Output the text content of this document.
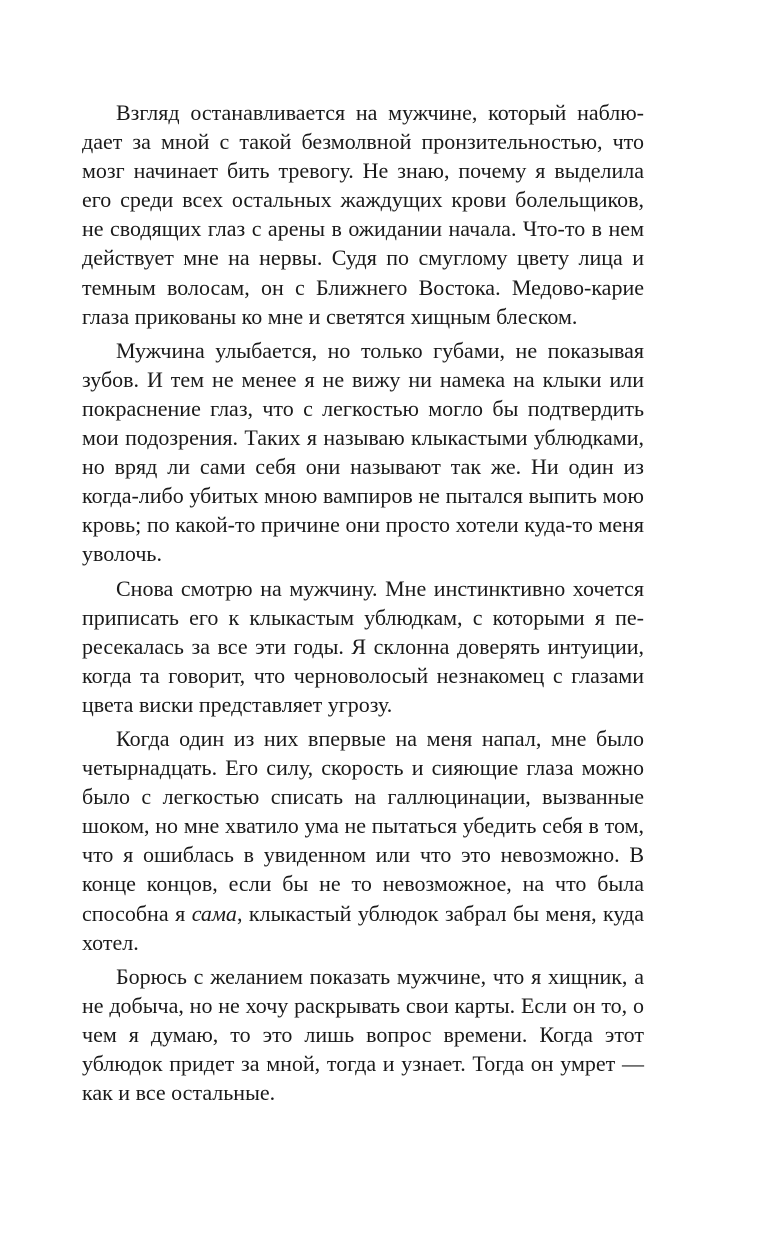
Взгляд останавливается на мужчине, который наблюдает за мной с такой безмолвной пронзительностью, что мозг начинает бить тревогу. Не знаю, почему я выделила его среди всех остальных жаждущих крови болельщиков, не сводящих глаз с арены в ожидании начала. Что-то в нем действует мне на нервы. Судя по смуглому цвету лица и темным волосам, он с Ближнего Востока. Медово-карие глаза прикованы ко мне и светятся хищным блеском.

Мужчина улыбается, но только губами, не показывая зубов. И тем не менее я не вижу ни намека на клыки или покраснение глаз, что с легкостью могло бы подтвердить мои подозрения. Таких я называю клыкастыми ублюдками, но вряд ли сами себя они называют так же. Ни один из когда-либо убитых мною вампиров не пытался выпить мою кровь; по какой-то причине они просто хотели куда-то меня уволочь.

Снова смотрю на мужчину. Мне инстинктивно хочется приписать его к клыкастым ублюдкам, с которыми я пересекалась за все эти годы. Я склонна доверять интуиции, когда та говорит, что черноволосый незнакомец с глазами цвета виски представляет угрозу.

Когда один из них впервые на меня напал, мне было четырнадцать. Его силу, скорость и сияющие глаза можно было с легкостью списать на галлюцинации, вызванные шоком, но мне хватило ума не пытаться убедить себя в том, что я ошиблась в увиденном или что это невозможно. В конце концов, если бы не то невозможное, на что была способна я сама, клыкастый ублюдок забрал бы меня, куда хотел.

Борюсь с желанием показать мужчине, что я хищник, а не добыча, но не хочу раскрывать свои карты. Если он то, о чем я думаю, то это лишь вопрос времени. Когда этот ублюдок придет за мной, тогда и узнает. Тогда он умрет — как и все остальные.
